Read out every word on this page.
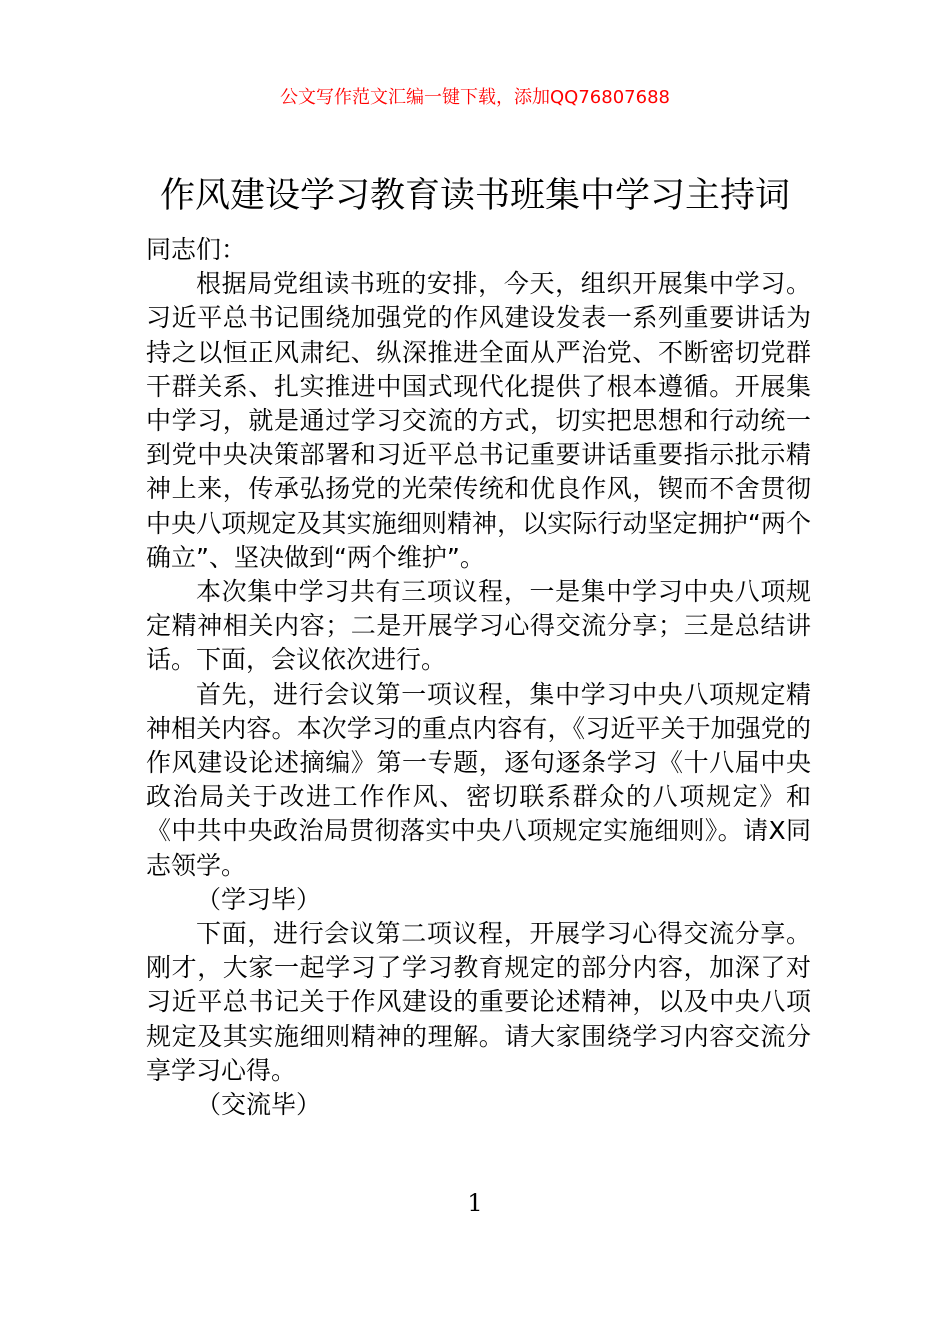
公文写作范文汇编一键下载，添加QQ76807688
作风建设学习教育读书班集中学习主持词

同志们：

根据局党组读书班的安排，今天，组织开展集中学习。习近平总书记围绕加强党的作风建设发表一系列重要讲话为持之以恒正风肃纪、纵深推进全面从严治党、不断密切党群干群关系、扎实推进中国式现代化提供了根本遵循。开展集中学习，就是通过学习交流的方式，切实把思想和行动统一到党中央决策部署和习近平总书记重要讲话重要指示批示精神上来，传承弘扬党的光荣传统和优良作风，锲而不舍贯彻中央八项规定及其实施细则精神，以实际行动坚定拥护“两个确立”、坚决做到“两个维护”。

本次集中学习共有三项议程，一是集中学习中央八项规定精神相关内容；二是开展学习心得交流分享；三是总结讲话。下面，会议依次进行。

首先，进行会议第一项议程，集中学习中央八项规定精神相关内容。本次学习的重点内容有，《习近平关于加强党的作风建设论述摘编》第一专题，逐句逐条学习《十八届中央政治局关于改进工作作风、密切联系群众的八项规定》和《中共中央政治局贯彻落实中央八项规定实施细则》。请X同志领学。

（学习毕）

下面，进行会议第二项议程，开展学习心得交流分享。刚才，大家一起学习了学习教育规定的部分内容，加深了对习近平总书记关于作风建设的重要论述精神，以及中央八项规定及其实施细则精神的理解。请大家围绕学习内容交流分享学习心得。

（交流毕）

1
